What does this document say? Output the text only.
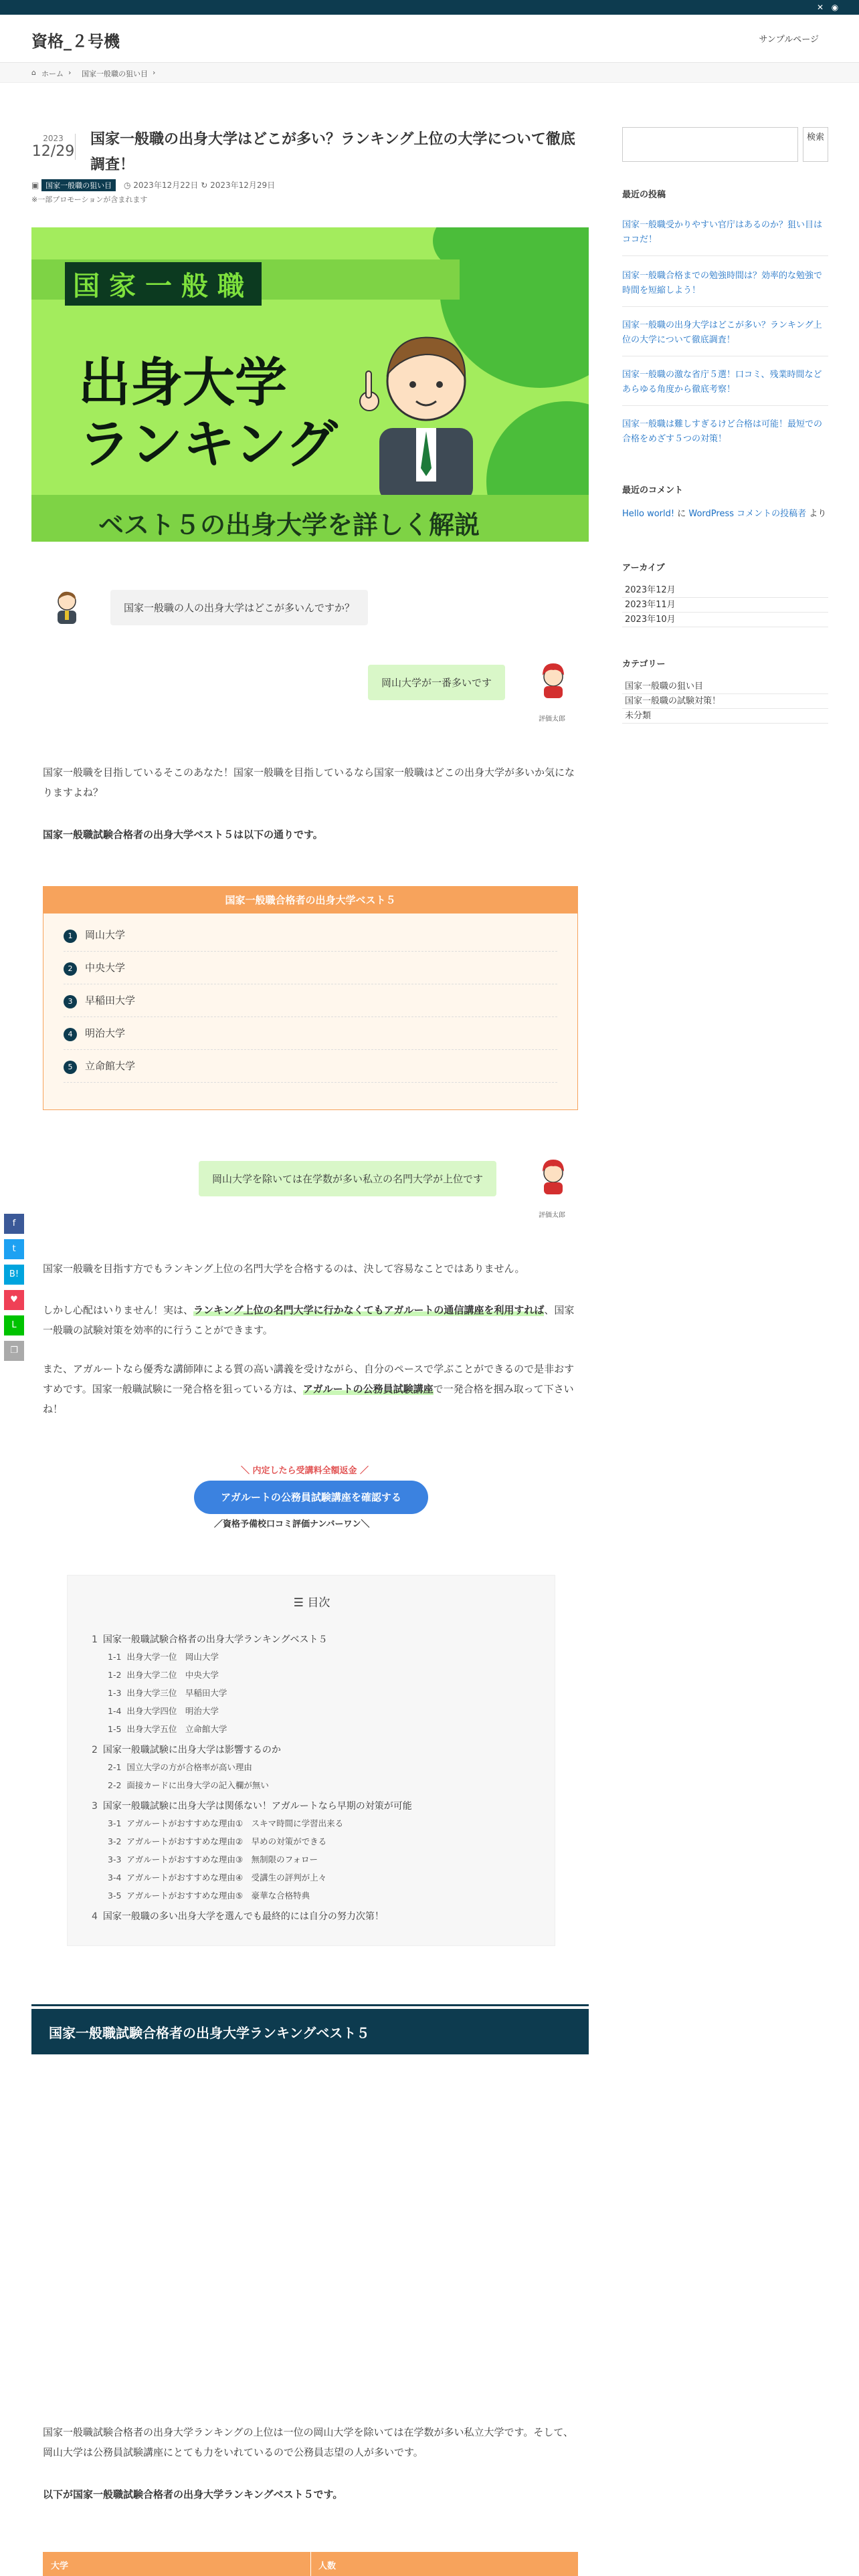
✕ ◉
資格_２号機	サンプルページ
⌂ ホーム › 国家一般職の狙い目 ›
2023
12/29
国家一般職の出身大学はどこが多い？ランキング上位の大学について徹底調査！
▣ 国家一般職の狙い目 ◷ 2023年12月22日 ↻ 2023年12月29日
※一部プロモーションが含まれます
国家一般職
出身大学
ランキング
ベスト５の出身大学を詳しく解説
国家一般職の人の出身大学はどこが多いんですか？
岡山大学が一番多いです
評価太郎
国家一般職を目指しているそこのあなた！国家一般職を目指しているなら国家一般職はどこの出身大学が多いか気になりますよね？
国家一般職試験合格者の出身大学ベスト５は以下の通りです。
国家一般職合格者の出身大学ベスト５
1 岡山大学
2 中央大学
3 早稲田大学
4 明治大学
5 立命館大学
岡山大学を除いては在学数が多い私立の名門大学が上位です
評価太郎
f
t
B!
♥
L
❐
国家一般職を目指す方でもランキング上位の名門大学を合格するのは、決して容易なことではありません。
しかし心配はいりません！実は、ランキング上位の名門大学に行かなくてもアガルートの通信講座を利用すれば、国家一般職の試験対策を効率的に行うことができます。
また、アガルートなら優秀な講師陣による質の高い講義を受けながら、自分のペースで学ぶことができるので是非おすすめです。国家一般職試験に一発合格を狙っている方は、アガルートの公務員試験講座で一発合格を掴み取って下さいね！
＼ 内定したら受講料全額返金 ／
アガルートの公務員試験講座を確認する
／資格予備校口コミ評価ナンバーワン＼
☰ 目次
1 国家一般職試験合格者の出身大学ランキングベスト５
1-1 出身大学一位　岡山大学
1-2 出身大学二位　中央大学
1-3 出身大学三位　早稲田大学
1-4 出身大学四位　明治大学
1-5 出身大学五位　立命館大学
2 国家一般職試験に出身大学は影響するのか
2-1 国立大学の方が合格率が高い理由
2-2 面接カードに出身大学の記入欄が無い
3 国家一般職試験に出身大学は関係ない！アガルートなら早期の対策が可能
3-1 アガルートがおすすめな理由①　スキマ時間に学習出来る
3-2 アガルートがおすすめな理由②　早めの対策ができる
3-3 アガルートがおすすめな理由③　無制限のフォロー
3-4 アガルートがおすすめな理由④　受講生の評判が上々
3-5 アガルートがおすすめな理由⑤　豪華な合格特典
4 国家一般職の多い出身大学を選んでも最終的には自分の努力次第！
国家一般職試験合格者の出身大学ランキングベスト５
国家一般職試験合格者の出身大学ランキングの上位は一位の岡山大学を除いては在学数が多い私立大学です。そして、岡山大学は公務員試験講座にとても力をいれているので公務員志望の人が多いです。
以下が国家一般職試験合格者の出身大学ランキングベスト５です。
大学	人数
検索
最近の投稿
国家一般職受かりやすい官庁はあるのか？狙い目はココだ！
国家一般職合格までの勉強時間は？効率的な勉強で時間を短縮しよう！
国家一般職の出身大学はどこが多い？ランキング上位の大学について徹底調査！
国家一般職の激な省庁５選！口コミ、残業時間などあらゆる角度から徹底考察！
国家一般職は難しすぎるけど合格は可能！最短での合格をめざす５つの対策！
最近のコメント
Hello world! に WordPress コメントの投稿者 より
アーカイブ
2023年12月
2023年11月
2023年10月
カテゴリー
国家一般職の狙い目
国家一般職の試験対策！
未分類
